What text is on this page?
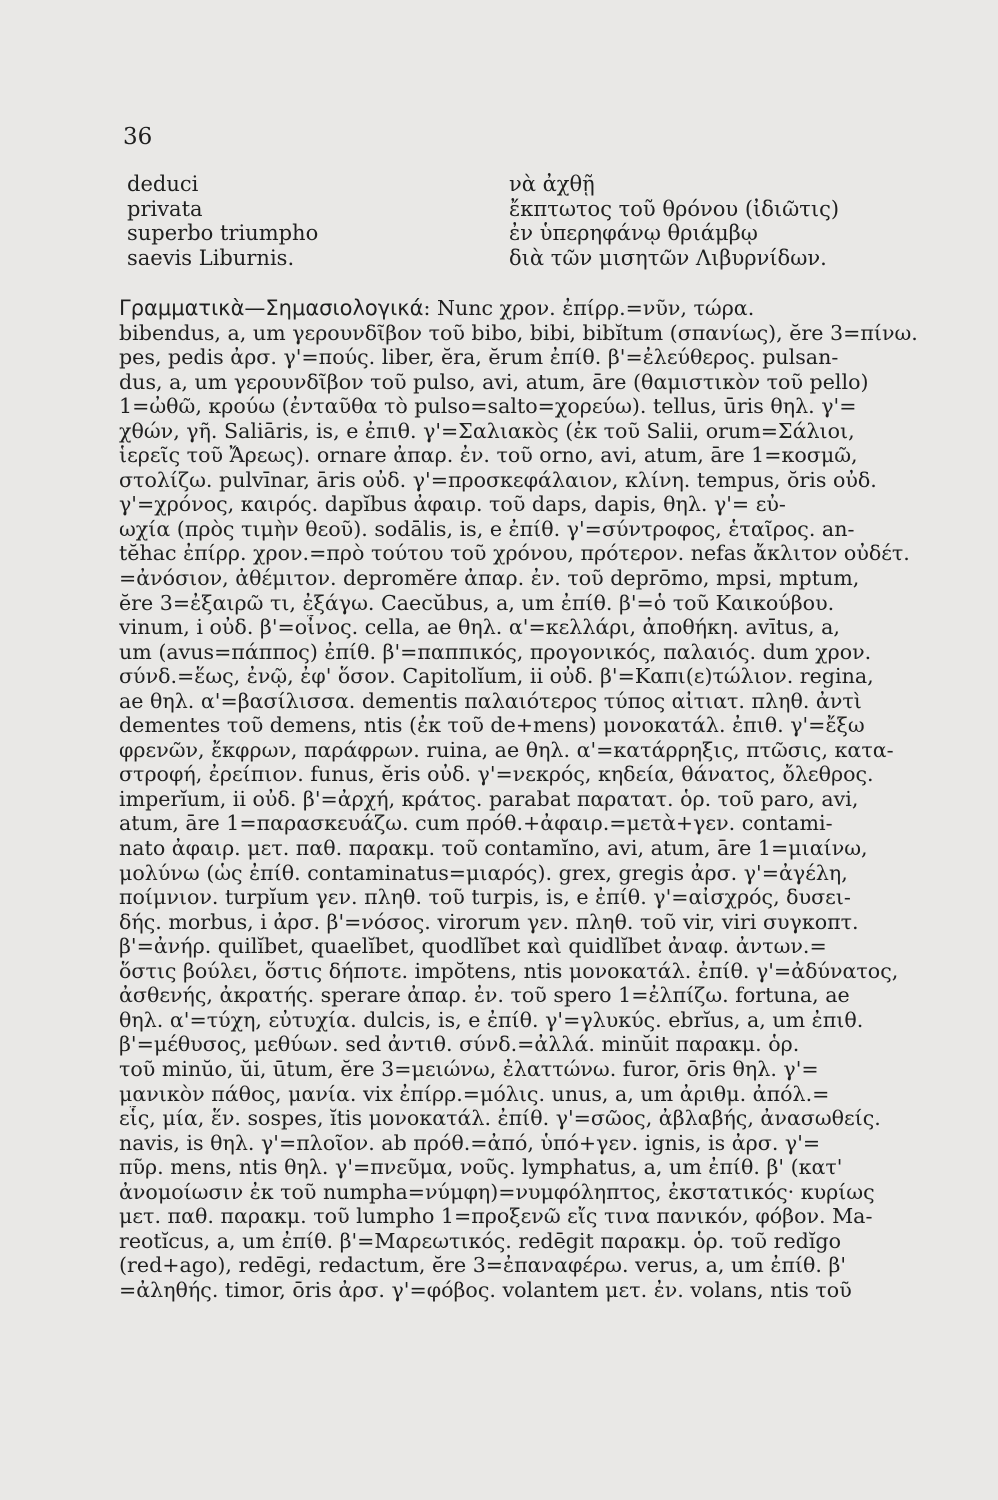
36
deduci
privata
superbo triumpho
saevis Liburnis.
νὰ ἀχθῇ
ἔκπτωτος τοῦ θρόνου (ἰδιῶτις)
ἐν ὑπερηφάνῳ θριάμβῳ
διὰ τῶν μισητῶν Λιβυρνίδων.
Γραμματικὰ—Σημασιολογικά: Nunc χρον. ἐπίρρ.=νῦν, τώρα.
bibendus, a, um γερουνδῖβον τοῦ bibo, bibi, bibĭtum (σπανίως), ĕre 3=πίνω.
pes, pedis ἀρσ. γ'=πούς. liber, ĕra, ĕrum ἐπίθ. β'=ἐλεύθερος. pulsan-
dus, a, um γερουνδῖβον τοῦ pulso, avi, atum, āre (θαμιστικὸν τοῦ pello)
1=ὠθῶ, κρούω (ἐνταῦθα τὸ pulso=salto=χορεύω). tellus, ūris θηλ. γ'=
χθών, γῆ. Saliāris, is, e ἐπιθ. γ'=Σαλιακὸς (ἐκ τοῦ Salii, orum=Σάλιοι,
ἱερεῖς τοῦ Ἄρεως). ornare ἀπαρ. ἐν. τοῦ orno, avi, atum, āre 1=κοσμῶ,
στολίζω. pulvīnar, āris οὐδ. γ'=προσκεφάλαιον, κλίνη. tempus, ŏris οὐδ.
γ'=χρόνος, καιρός. dapĭbus ἀφαιρ. τοῦ daps, dapis, θηλ. γ'= εὐ-
ωχία (πρὸς τιμὴν θεοῦ). sodālis, is, e ἐπίθ. γ'=σύντροφος, ἑταῖρος. an-
tĕhac ἐπίρρ. χρον.=πρὸ τούτου τοῦ χρόνου, πρότερον. nefas ἄκλιτον οὐδέτ.
=ἀνόσιον, ἀθέμιτον. depromĕre ἀπαρ. ἐν. τοῦ deprōmo, mpsi, mptum,
ĕre 3=ἐξαιρῶ τι, ἐξάγω. Caecŭbus, a, um ἐπίθ. β'=ὁ τοῦ Καικούβου.
vinum, i οὐδ. β'=οἶνος. cella, ae θηλ. α'=κελλάρι, ἀποθήκη. avītus, a,
um (avus=πάππος) ἐπίθ. β'=παππικός, προγονικός, παλαιός. dum χρον.
σύνδ.=ἕως, ἐνῷ, ἐφ' ὅσον. Capitolĭum, ii οὐδ. β'=Καπι(ε)τώλιον. regina,
ae θηλ. α'=βασίλισσα. dementis παλαιότερος τύπος αἰτιατ. πληθ. ἀντὶ
dementes τοῦ demens, ntis (ἐκ τοῦ de+mens) μονοκατάλ. ἐπιθ. γ'=ἔξω
φρενῶν, ἔκφρων, παράφρων. ruina, ae θηλ. α'=κατάρρηξις, πτῶσις, κατα-
στροφή, ἐρείπιον. funus, ĕris οὐδ. γ'=νεκρός, κηδεία, θάνατος, ὄλεθρος.
imperĭum, ii οὐδ. β'=ἀρχή, κράτος. parabat παρατατ. ὁρ. τοῦ paro, avi,
atum, āre 1=παρασκευάζω. cum πρόθ.+ἀφαιρ.=μετὰ+γεν. contami-
nato ἀφαιρ. μετ. παθ. παρακμ. τοῦ contamĭno, avi, atum, āre 1=μιαίνω,
μολύνω (ὡς ἐπίθ. contaminatus=μιαρός). grex, gregis ἀρσ. γ'=ἀγέλη,
ποίμνιον. turpĭum γεν. πληθ. τοῦ turpis, is, e ἐπίθ. γ'=αἰσχρός, δυσει-
δής. morbus, i ἀρσ. β'=νόσος. virorum γεν. πληθ. τοῦ vir, viri συγκοπτ.
β'=ἀνήρ. quilĭbet, quaelĭbet, quodlĭbet καὶ quidlĭbet ἀναφ. ἀντων.=
ὅστις βούλει, ὅστις δήποτε. impŏtens, ntis μονοκατάλ. ἐπίθ. γ'=ἀδύνατος,
ἀσθενής, ἀκρατής. sperare ἀπαρ. ἐν. τοῦ spero 1=ἐλπίζω. fortuna, ae
θηλ. α'=τύχη, εὐτυχία. dulcis, is, e ἐπίθ. γ'=γλυκύς. ebrĭus, a, um ἐπιθ.
β'=μέθυσος, μεθύων. sed ἀντιθ. σύνδ.=ἀλλά. minŭit παρακμ. ὁρ.
τοῦ minŭo, ŭi, ūtum, ĕre 3=μειώνω, ἐλαττώνω. furor, ōris θηλ. γ'=
μανικὸν πάθος, μανία. vix ἐπίρρ.=μόλις. unus, a, um ἀριθμ. ἀπόλ.=
εἷς, μία, ἕν. sospes, ĭtis μονοκατάλ. ἐπίθ. γ'=σῶος, ἀβλαβής, ἀνασωθείς.
navis, is θηλ. γ'=πλοῖον. ab πρόθ.=ἀπό, ὑπό+γεν. ignis, is ἀρσ. γ'=
πῦρ. mens, ntis θηλ. γ'=πνεῦμα, νοῦς. lymphatus, a, um ἐπίθ. β' (κατ'
ἀνομοίωσιν ἐκ τοῦ numpha=νύμφη)=νυμφόληπτος, ἐκστατικός· κυρίως
μετ. παθ. παρακμ. τοῦ lumpho 1=προξενῶ εἴς τινα πανικόν, φόβον. Ma-
reotĭcus, a, um ἐπίθ. β'=Μαρεωτικός. redēgit παρακμ. ὁρ. τοῦ redĭgo
(red+ago), redēgi, redactum, ĕre 3=ἐπαναφέρω. verus, a, um ἐπίθ. β'
=ἀληθής. timor, ōris ἀρσ. γ'=φόβος. volantem μετ. ἐν. volans, ntis τοῦ
